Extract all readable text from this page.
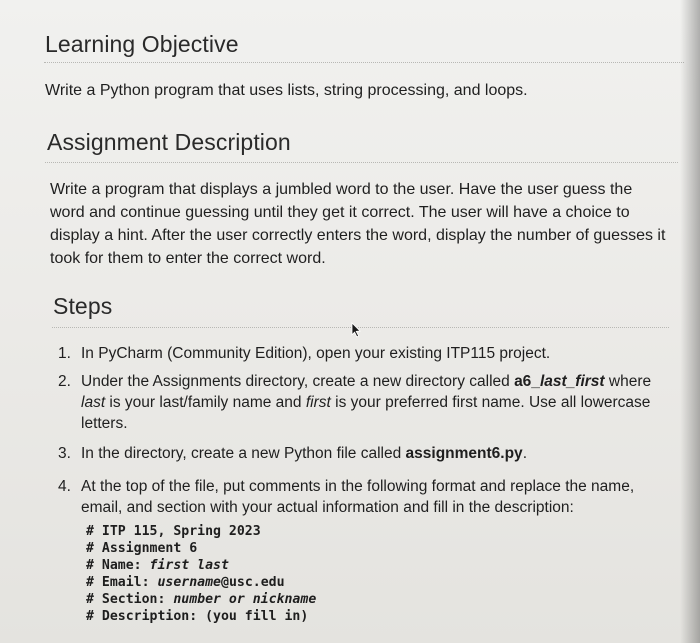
Learning Objective
Write a Python program that uses lists, string processing, and loops.
Assignment Description
Write a program that displays a jumbled word to the user. Have the user guess the
word and continue guessing until they get it correct. The user will have a choice to
display a hint. After the user correctly enters the word, display the number of guesses it
took for them to enter the correct word.
Steps
1. In PyCharm (Community Edition), open your existing ITP115 project.
2. Under the Assignments directory, create a new directory called a6_last_first where
last is your last/family name and first is your preferred first name. Use all lowercase
letters.
3. In the directory, create a new Python file called assignment6.py.
4. At the top of the file, put comments in the following format and replace the name,
email, and section with your actual information and fill in the description:
# ITP 115, Spring 2023
# Assignment 6
# Name: first last
# Email: username@usc.edu
# Section: number or nickname
# Description: (you fill in)
